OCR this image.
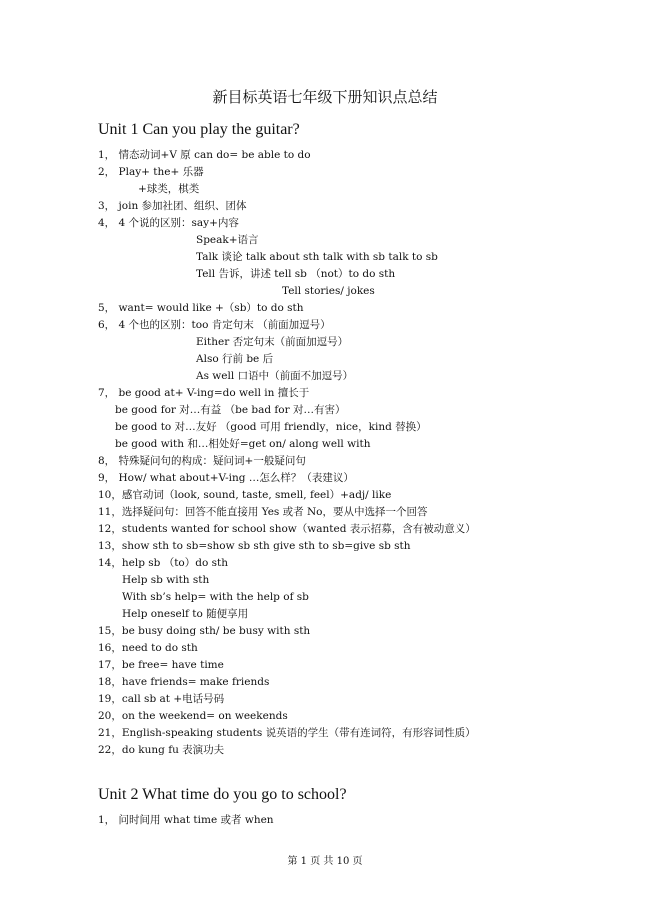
新目标英语七年级下册知识点总结
Unit 1 Can you play the guitar?
1， 情态动词+V 原 can do= be able to do
2， Play+ the+ 乐器
+球类，棋类
3， join 参加社团、组织、团体
4， 4 个说的区别：say+内容
Speak+语言
Talk 谈论 talk about sth talk with sb talk to sb
Tell 告诉，讲述 tell sb （not）to do sth
Tell stories/ jokes
5， want= would like +（sb）to do sth
6， 4 个也的区别：too 肯定句末 （前面加逗号）
Either 否定句末（前面加逗号）
Also 行前 be 后
As well 口语中（前面不加逗号）
7， be good at+ V-ing=do well in 擅长于
be good for 对…有益 （be bad for 对…有害）
be good to 对…友好 （good 可用 friendly，nice，kind 替换）
be good with 和…相处好=get on/ along well with
8， 特殊疑问句的构成：疑问词+一般疑问句
9， How/ what about+V-ing …怎么样？（表建议）
10，感官动词（look, sound, taste, smell, feel）+adj/ like
11，选择疑问句：回答不能直接用 Yes 或者 No，要从中选择一个回答
12，students wanted for school show（wanted 表示招募，含有被动意义）
13，show sth to sb=show sb sth give sth to sb=give sb sth
14，help sb （to）do sth
Help sb with sth
With sb’s help= with the help of sb
Help oneself to 随便享用
15，be busy doing sth/ be busy with sth
16，need to do sth
17，be free= have time
18，have friends= make friends
19，call sb at +电话号码
20，on the weekend= on weekends
21，English-speaking students 说英语的学生（带有连词符，有形容词性质）
22，do kung fu 表演功夫
Unit 2 What time do you go to school?
1， 问时间用 what time 或者 when
第 1 页 共 10 页
